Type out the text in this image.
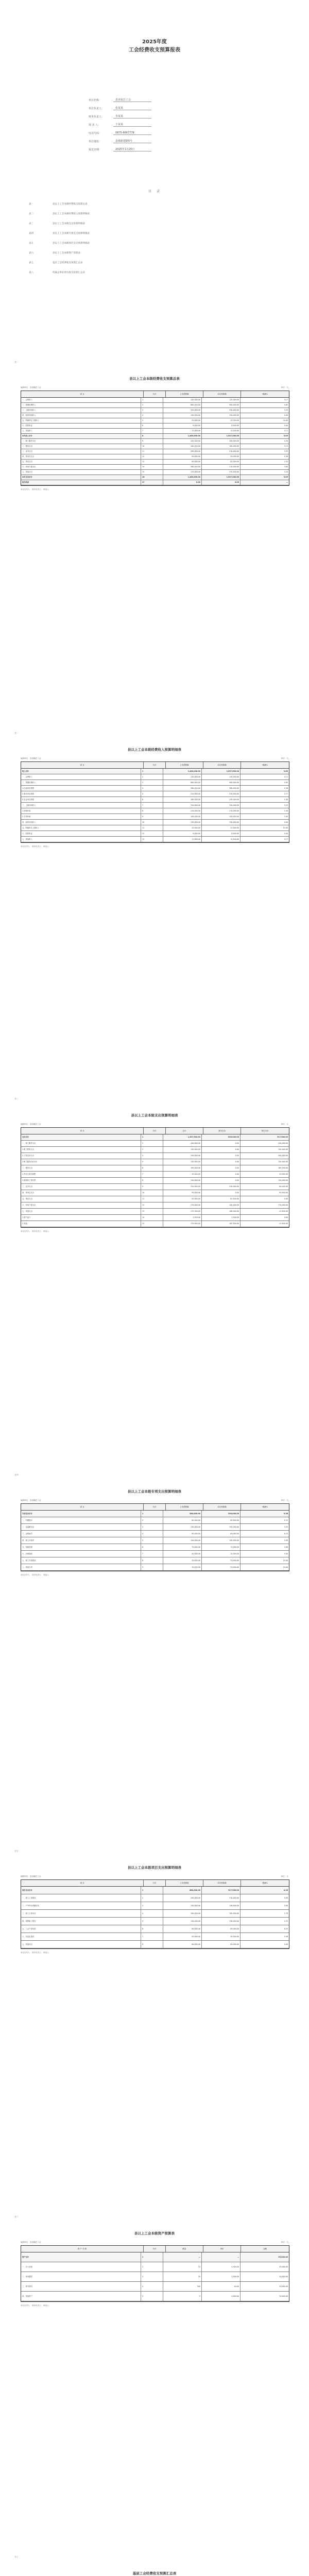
2025年度
工会经费收支预算报表
单位名称：	县直属总工会
单位负责人：	张某某
财务负责人：	李某某
填 表 人：	王某某
电话号码：	0875-6667778
单位地址：	县城新建路5号
报送日期：	2025年1月20日
目 录
表一	县以上工会本级经费收支预算总表
表二	县以上工会本级经费收入预算明细表
表三	县以上工会本级支出预算明细表
表四	县以上工会本级专项支出预算明细表
表五	县以上工会本级项目支出预算明细表
表六	县以上工会本级资产预算表
表七	基层工会经费收支预算汇总表
表八	所属企事业单位收支预算汇总表
表一
县以上工会本级经费收支预算总表
编制单位：县直属总工会	单位：元
项 目	行次	上年预算数	本年预算数	增减%
一、会费收入	1	120,000.00	125,000.00	4.17
二、拨缴经费收入	2	860,000.00	900,000.00	4.65
三、上级补助收入	3	310,000.00	320,000.00	3.23
四、政府补助收入	4	150,000.00	150,000.00	0.00
五、附属单位上缴收入	5	20,000.00	22,000.00	10.00
六、投资收益	6	8,000.00	8,000.00	0.00
七、其他收入	7	12,000.00	12,500.00	4.17
本年收入合计	8	1,480,000.00	1,537,500.00	3.89
一、职工服务支出	9	420,000.00	440,000.00	4.76
二、维权支出	10	160,000.00	165,000.00	3.13
三、业务支出	11	300,000.00	310,000.00	3.33
四、资本性支出	12	90,000.00	95,000.00	5.56
五、事业支出	13	80,000.00	82,000.00	2.50
六、补助下级支出	14	260,000.00	270,000.00	3.85
七、其他支出	15	170,000.00	175,500.00	3.24
本年支出合计	16	1,480,000.00	1,537,500.00	3.89
收支结余	17	0.00	0.00	—
单位负责人： 财务负责人： 制表人：
表二
县以上工会本级经费收入预算明细表
编制单位：县直属总工会	单位：元
项 目	行次	上年预算数	本年预算数	增减%
收入合计	1	1,480,000.00	1,537,500.00	3.89
一、会费收入	2	120,000.00	125,000.00	4.17
二、拨缴经费收入	3	860,000.00	900,000.00	4.65
1.行政单位拨缴	4	360,000.00	380,000.00	5.56
2.事业单位拨缴	5	220,000.00	225,000.00	2.27
3.企业单位拨缴	6	280,000.00	295,000.00	5.36
三、上级补助收入	7	310,000.00	320,000.00	3.23
1.回拨补助	8	210,000.00	215,000.00	2.38
2.专项补助	9	100,000.00	105,000.00	5.00
四、政府补助收入	10	150,000.00	150,000.00	0.00
五、附属单位上缴收入	11	20,000.00	22,000.00	10.00
六、投资收益	12	8,000.00	8,000.00	0.00
七、其他收入	13	12,000.00	12,500.00	4.17
单位负责人： 财务负责人： 制表人：
表三
县以上工会本级支出预算明细表
编制单位：县直属总工会	单位：元
项 目	行次	合计	基本支出	项目支出
支出合计	1	1,537,500.00	620,000.00	917,500.00
一、职工服务支出	2	440,000.00	0.00	440,000.00
1.职工教育支出	3	120,000.00	0.00	120,000.00
2.文体活动支出	4	200,000.00	0.00	200,000.00
3.职工服务活动支出	5	120,000.00	0.00	120,000.00
二、维权支出	6	165,000.00	0.00	165,000.00
1.劳动关系协调费	7	45,000.00	0.00	45,000.00
2.困难职工帮扶费	8	120,000.00	0.00	120,000.00
三、业务支出	9	310,000.00	250,000.00	60,000.00
四、资本性支出	10	95,000.00	0.00	95,000.00
五、事业支出	11	82,000.00	82,000.00	0.00
六、补助下级支出	12	270,000.00	100,000.00	170,000.00
七、其他支出	13	175,500.00	188,000.00	-12,500.00
1.资产盘亏	14	5,500.00	5,500.00	0.00
2.其他	15	170,000.00	182,500.00	-12,500.00
单位负责人： 财务负责人： 制表人：
表四
县以上工会本级专项支出预算明细表
编制单位：县直属总工会	单位：元
项 目	行次	上年预算数	本年预算数	增减%
专项支出合计	1	560,000.00	590,000.00	5.36
一、劳模慰问	2	60,000.00	65,000.00	8.33
二、送温暖活动	3	150,000.00	155,000.00	3.33
三、金秋助学	4	80,000.00	85,000.00	6.25
四、职工疗休养	5	100,000.00	105,000.00	5.00
五、技能竞赛	6	70,000.00	72,000.00	2.86
六、法律援助	7	40,000.00	42,000.00	5.00
七、职工书屋建设	8	30,000.00	33,000.00	10.00
八、其他专项	9	30,000.00	33,000.00	10.00
单位负责人： 财务负责人： 制表人：
表五
县以上工会本级项目支出预算明细表
编制单位：县直属总工会	单位：元
项 目	行次	上年预算数	本年预算数	增减%
项目支出合计	1	880,000.00	917,500.00	4.26
一、职工之家建设	2	200,000.00	210,000.00	5.00
二、户外劳动者服务站	3	120,000.00	126,000.00	5.00
三、职工文体活动	4	180,000.00	185,000.00	2.78
四、困难职工帮扶	5	150,000.00	156,500.00	4.33
五、工会干部培训	6	80,000.00	85,000.00	6.25
六、信息化建设	7	90,000.00	95,000.00	5.56
七、其他项目	8	60,000.00	60,000.00	0.00
单位负责人： 财务负责人： 制表人：
表六
县以上工会本级资产预算表
编制单位：县直属总工会	单位：元
资 产 名 称	行次	数量	单价	金额
资产合计	1	—	—	95,000.00
一、办公设备	2	10	4,500.00	45,000.00
二、体育器材	3	20	1,000.00	20,000.00
三、图书资料	4	500	40.00	20,000.00
四、其他资产	5	5	2,000.00	10,000.00
单位负责人： 财务负责人： 制表人：
表七
基层工会经费收支预算汇总表
